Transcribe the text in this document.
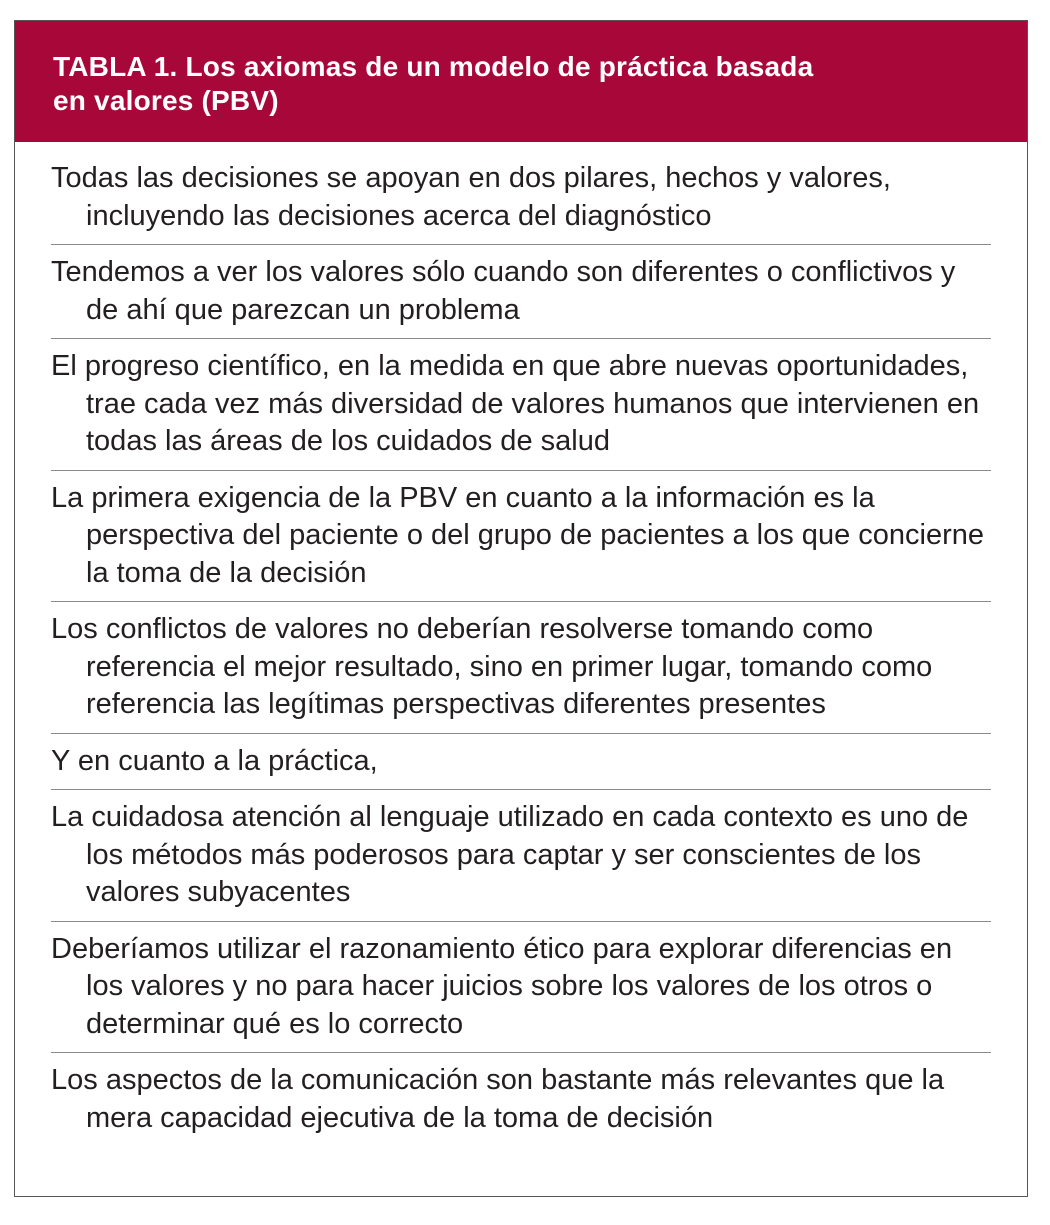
TABLA 1. Los axiomas de un modelo de práctica basada
en valores (PBV)
Todas las decisiones se apoyan en dos pilares, hechos y valores, incluyendo las decisiones acerca del diagnóstico
Tendemos a ver los valores sólo cuando son diferentes o conflictivos y de ahí que parezcan un problema
El progreso científico, en la medida en que abre nuevas oportunidades, trae cada vez más diversidad de valores humanos que intervienen en todas las áreas de los cuidados de salud
La primera exigencia de la PBV en cuanto a la información es la perspectiva del paciente o del grupo de pacientes a los que concierne la toma de la decisión
Los conflictos de valores no deberían resolverse tomando como referencia el mejor resultado, sino en primer lugar, tomando como referencia las legítimas perspectivas diferentes presentes
Y en cuanto a la práctica,
La cuidadosa atención al lenguaje utilizado en cada contexto es uno de los métodos más poderosos para captar y ser conscientes de los valores subyacentes
Deberíamos utilizar el razonamiento ético para explorar diferencias en los valores y no para hacer juicios sobre los valores de los otros o determinar qué es lo correcto
Los aspectos de la comunicación son bastante más relevantes que la mera capacidad ejecutiva de la toma de decisión
